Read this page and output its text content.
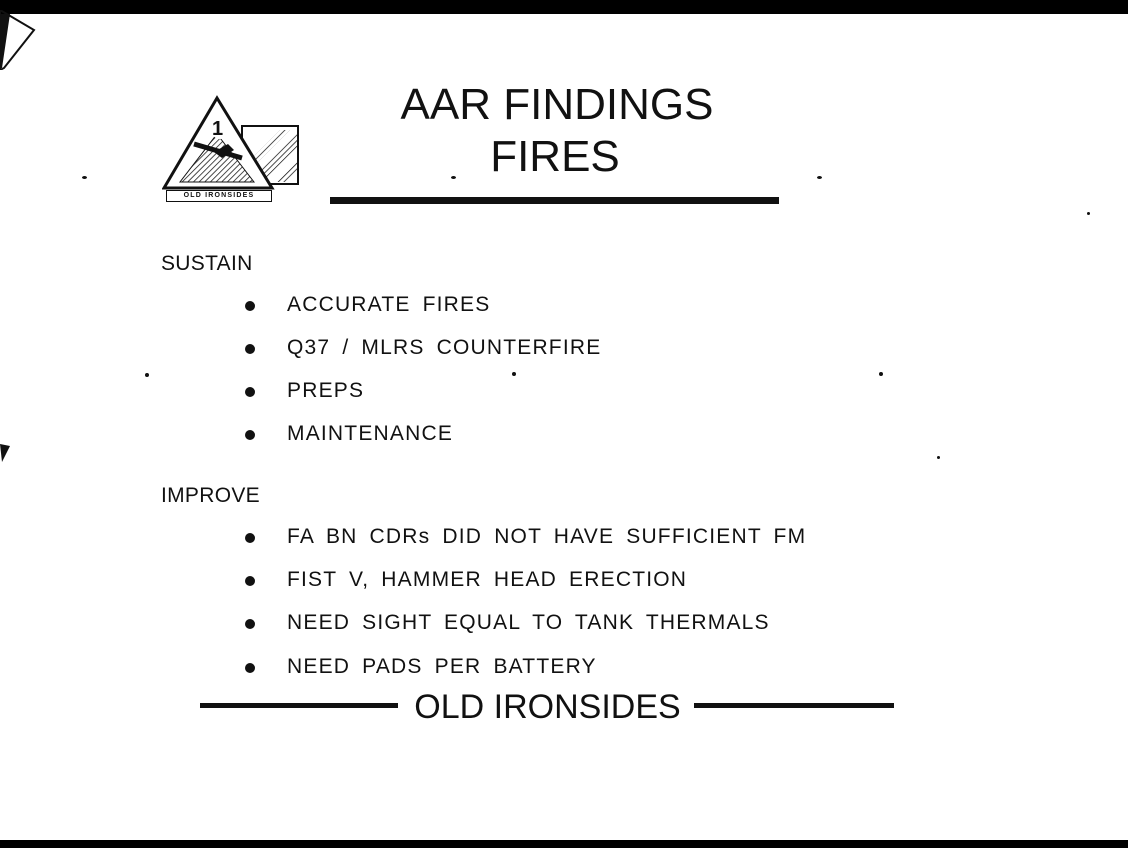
1
OLD IRONSIDES
AAR FINDINGS
FIRES
SUSTAIN
ACCURATE FIRES
Q37 / MLRS COUNTERFIRE
PREPS
MAINTENANCE
IMPROVE
FA BN CDRs DID NOT HAVE SUFFICIENT FM
FIST V, HAMMER HEAD ERECTION
NEED SIGHT EQUAL TO TANK THERMALS
NEED PADS PER BATTERY
OLD IRONSIDES
